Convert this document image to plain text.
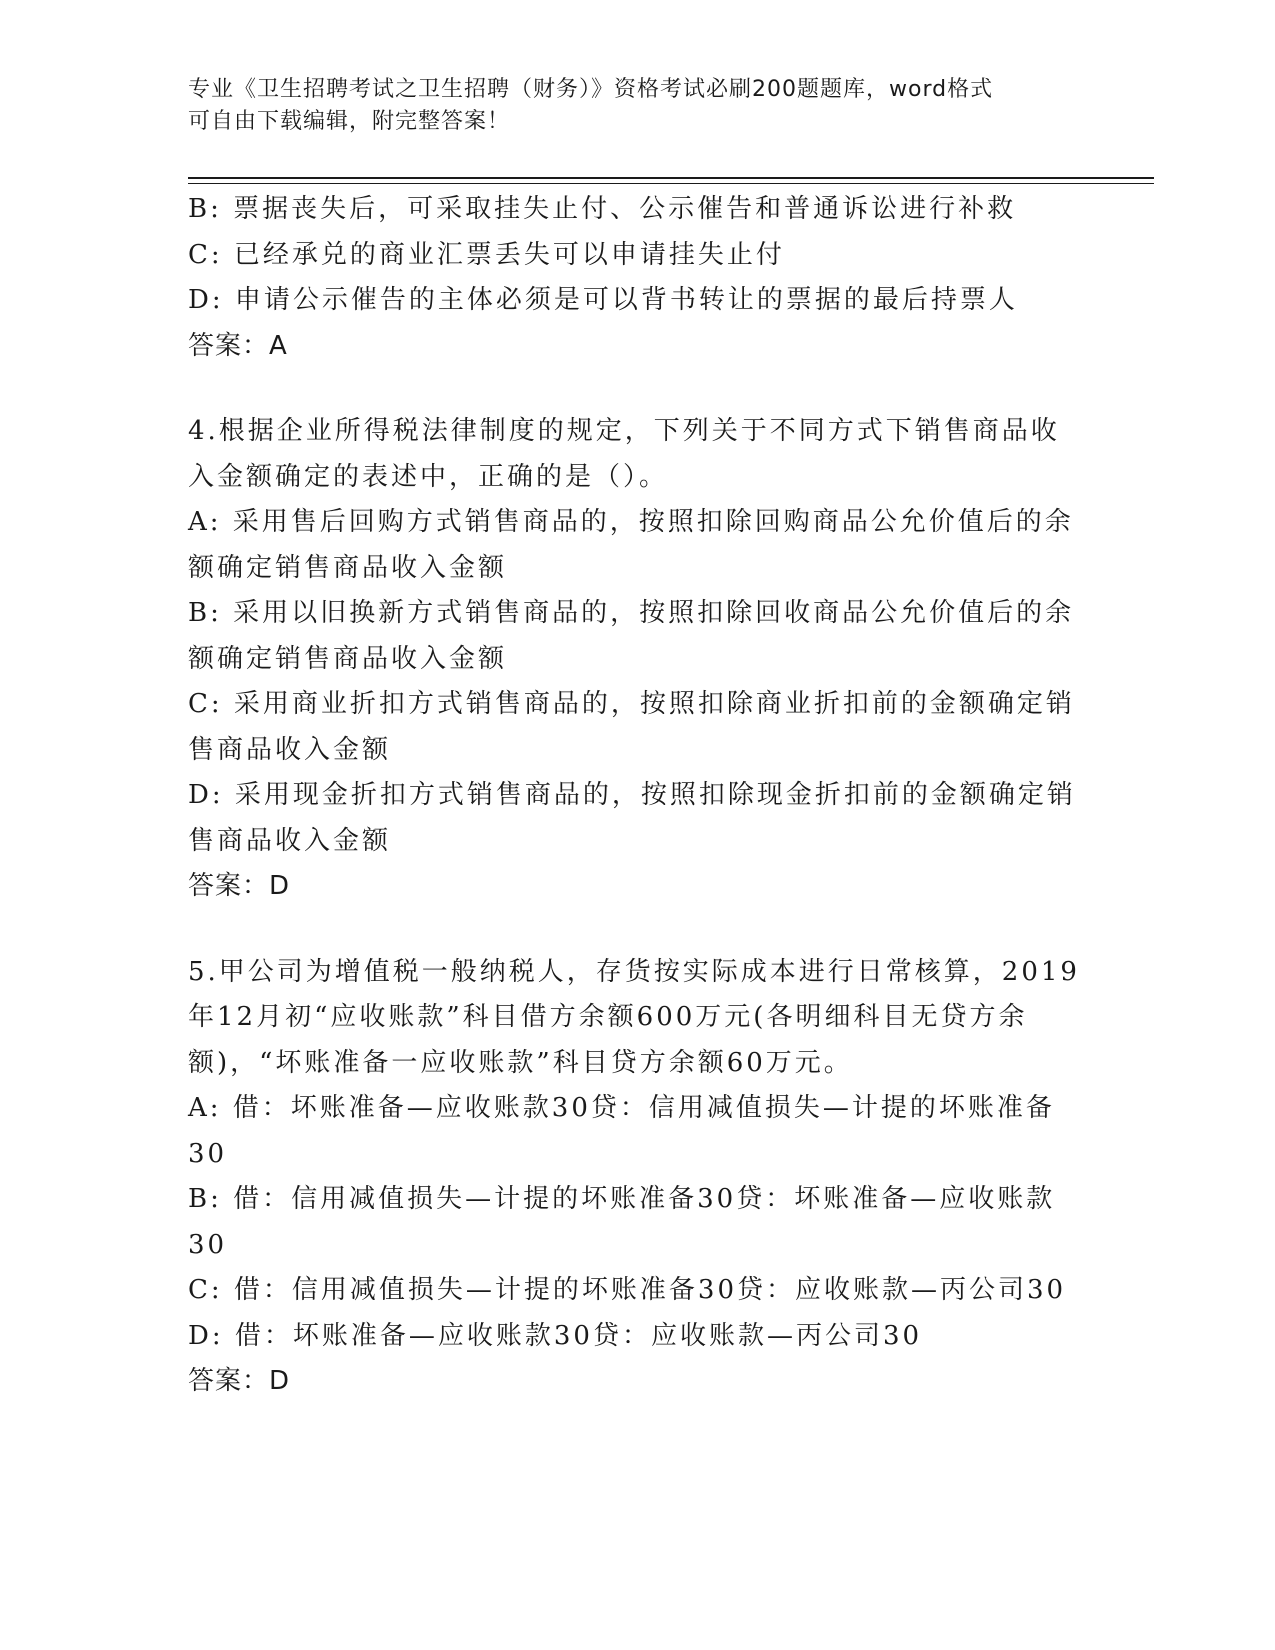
专业《卫生招聘考试之卫生招聘（财务）》资格考试必刷200题题库，word格式
可自由下载编辑，附完整答案！
B: 票据丧失后，可采取挂失止付、公示催告和普通诉讼进行补救
C: 已经承兑的商业汇票丢失可以申请挂失止付
D: 申请公示催告的主体必须是可以背书转让的票据的最后持票人
答案：A
4.根据企业所得税法律制度的规定，下列关于不同方式下销售商品收
入金额确定的表述中，正确的是（）。
A: 采用售后回购方式销售商品的，按照扣除回购商品公允价值后的余
额确定销售商品收入金额
B: 采用以旧换新方式销售商品的，按照扣除回收商品公允价值后的余
额确定销售商品收入金额
C: 采用商业折扣方式销售商品的，按照扣除商业折扣前的金额确定销
售商品收入金额
D: 采用现金折扣方式销售商品的，按照扣除现金折扣前的金额确定销
售商品收入金额
答案：D
5.甲公司为增值税一般纳税人，存货按实际成本进行日常核算，2019
年12月初“应收账款”科目借方余额600万元(各明细科目无贷方余
额)，“坏账准备一应收账款”科目贷方余额60万元。
A: 借：坏账准备—应收账款30贷：信用减值损失—计提的坏账准备
30
B: 借：信用减值损失—计提的坏账准备30贷：坏账准备—应收账款
30
C: 借：信用减值损失—计提的坏账准备30贷：应收账款—丙公司30
D: 借：坏账准备—应收账款30贷：应收账款—丙公司30
答案：D
